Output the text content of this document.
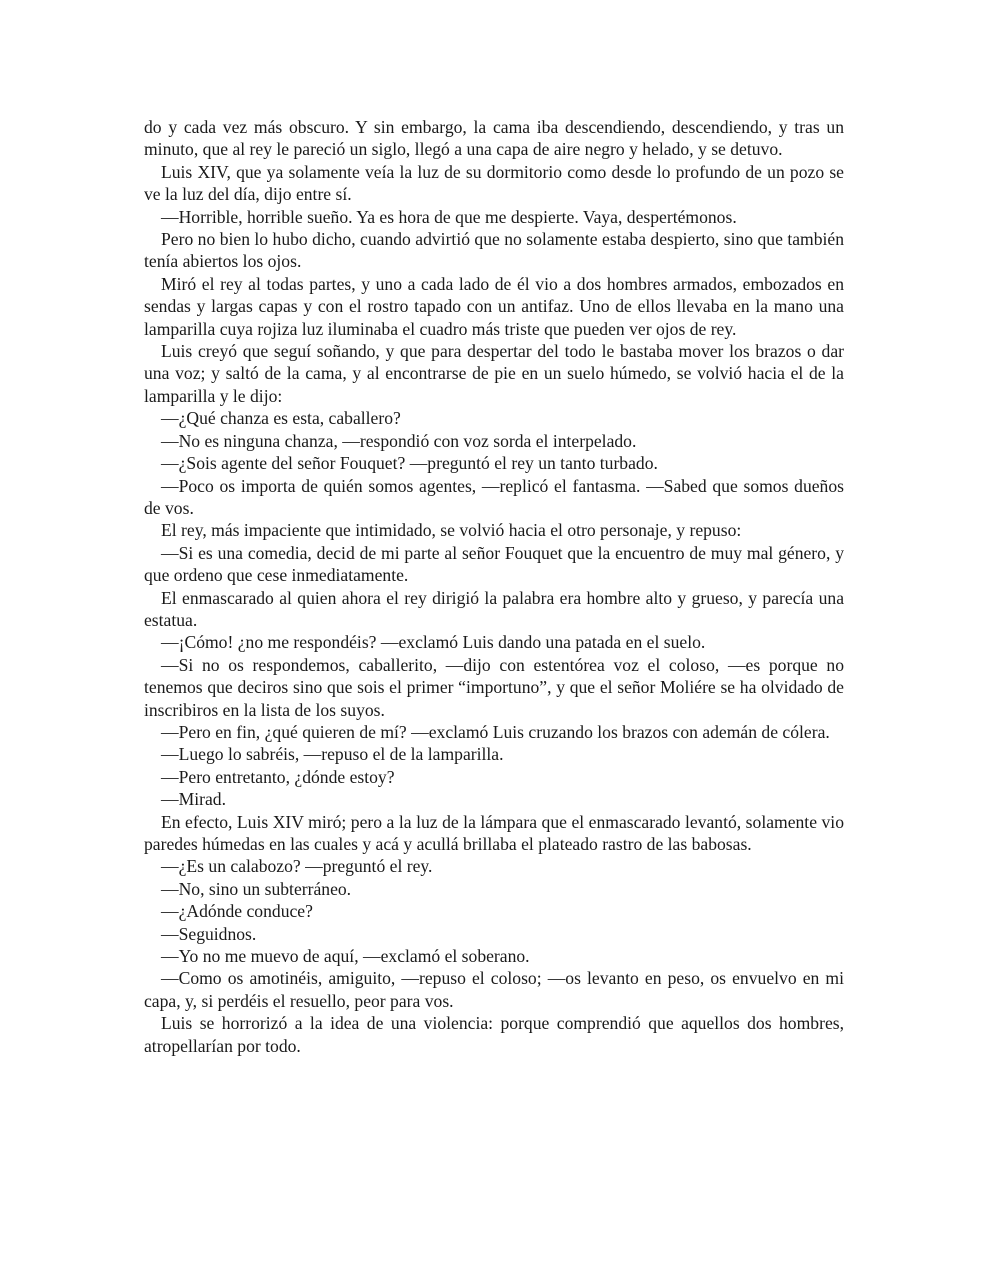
do y cada vez más obscuro. Y sin embargo, la cama iba descendiendo, descendiendo, y tras un minuto, que al rey le pareció un siglo, llegó a una capa de aire negro y helado, y se detuvo.

Luis XIV, que ya solamente veía la luz de su dormitorio como desde lo profundo de un pozo se ve la luz del día, dijo entre sí.

—Horrible, horrible sueño. Ya es hora de que me despierte. Vaya, despertémonos.

Pero no bien lo hubo dicho, cuando advirtió que no solamente estaba despierto, sino que también tenía abiertos los ojos.

Miró el rey al todas partes, y uno a cada lado de él vio a dos hombres armados, embozados en sendas y largas capas y con el rostro tapado con un antifaz. Uno de ellos llevaba en la mano una lamparilla cuya rojiza luz iluminaba el cuadro más triste que pueden ver ojos de rey.

Luis creyó que seguí soñando, y que para despertar del todo le bastaba mover los brazos o dar una voz; y saltó de la cama, y al encontrarse de pie en un suelo húmedo, se volvió hacia el de la lamparilla y le dijo:

—¿Qué chanza es esta, caballero?

—No es ninguna chanza, —respondió con voz sorda el interpelado.

—¿Sois agente del señor Fouquet? —preguntó el rey un tanto turbado.

—Poco os importa de quién somos agentes, —replicó el fantasma. —Sabed que somos dueños de vos.

El rey, más impaciente que intimidado, se volvió hacia el otro personaje, y repuso:

—Si es una comedia, decid de mi parte al señor Fouquet que la encuentro de muy mal género, y que ordeno que cese inmediatamente.

El enmascarado al quien ahora el rey dirigió la palabra era hombre alto y grueso, y parecía una estatua.

—¡Cómo! ¿no me respondéis? —exclamó Luis dando una patada en el suelo.

—Si no os respondemos, caballerito, —dijo con estentórea voz el coloso, —es porque no tenemos que deciros sino que sois el primer “importuno”, y que el señor Moliére se ha olvidado de inscribiros en la lista de los suyos.

—Pero en fin, ¿qué quieren de mí? —exclamó Luis cruzando los brazos con ademán de cólera.

—Luego lo sabréis, —repuso el de la lamparilla.

—Pero entretanto, ¿dónde estoy?

—Mirad.

En efecto, Luis XIV miró; pero a la luz de la lámpara que el enmascarado levantó, solamente vio paredes húmedas en las cuales y acá y acullá brillaba el plateado rastro de las babosas.

—¿Es un calabozo? —preguntó el rey.

—No, sino un subterráneo.

—¿Adónde conduce?

—Seguidnos.

—Yo no me muevo de aquí, —exclamó el soberano.

—Como os amotinéis, amiguito, —repuso el coloso; —os levanto en peso, os envuelvo en mi capa, y, si perdéis el resuello, peor para vos.

Luis se horrorizó a la idea de una violencia: porque comprendió que aquellos dos hombres, atropellarían por todo.
